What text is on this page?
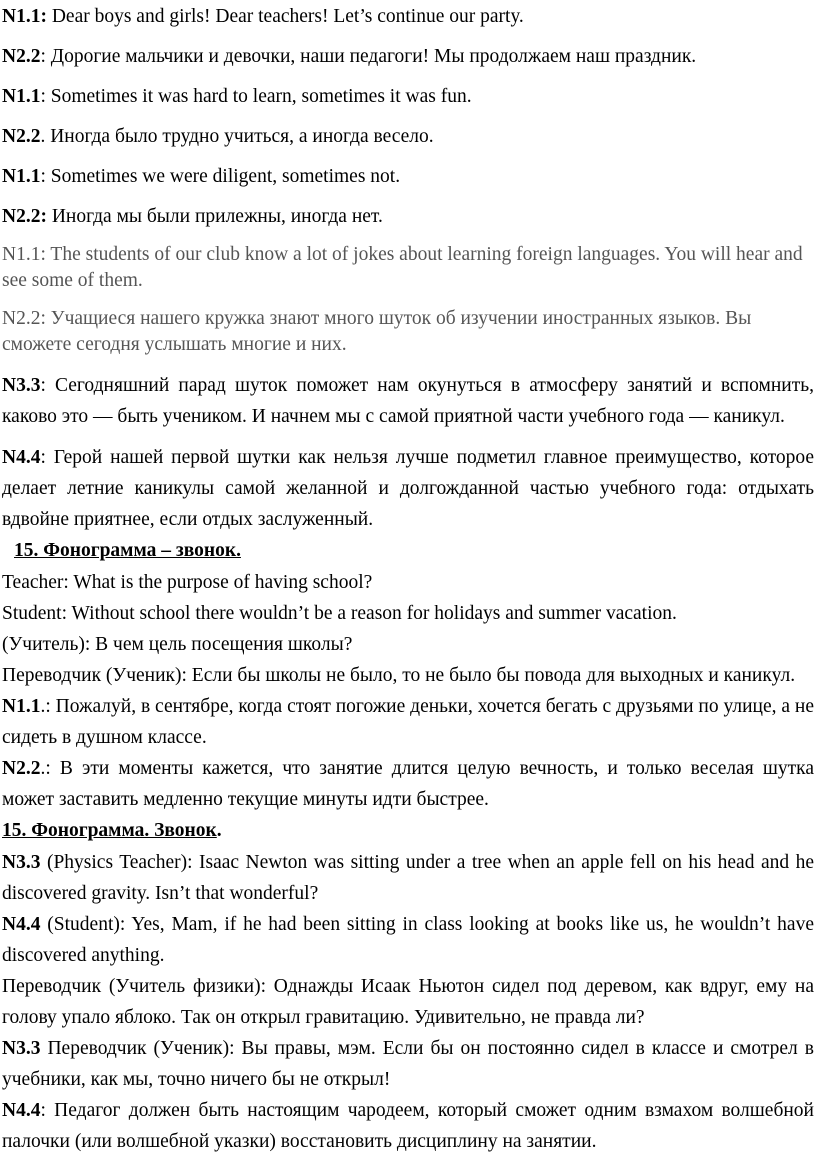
N1.1: Dear boys and girls! Dear teachers! Let’s continue our party.

N2.2: Дорогие мальчики и девочки, наши педагоги! Мы продолжаем наш праздник.

N1.1: Sometimes it was hard to learn, sometimes it was fun.

N2.2. Иногда было трудно учиться, а иногда весело.

N1.1: Sometimes we were diligent, sometimes not.

N2.2: Иногда мы были прилежны, иногда нет.

N1.1: The students of our club know a lot of jokes about learning foreign languages. You will hear and see some of them.

N2.2: Учащиеся нашего кружка знают много шуток об изучении иностранных языков. Вы сможете сегодня услышать многие и них.

N3.3: Сегодняшний парад шуток поможет нам окунуться в атмосферу занятий и вспомнить, каково это — быть учеником. И начнем мы с самой приятной части учебного года — каникул.

N4.4: Герой нашей первой шутки как нельзя лучше подметил главное преимущество, которое делает летние каникулы самой желанной и долгожданной частью учебного года: отдыхать вдвойне приятнее, если отдых заслуженный.

15. Фонограмма – звонок.

Teacher: What is the purpose of having school?

Student: Without school there wouldn’t be a reason for holidays and summer vacation.

(Учитель): В чем цель посещения школы?

Переводчик (Ученик): Если бы школы не было, то не было бы повода для выходных и каникул.

N1.1.: Пожалуй, в сентябре, когда стоят погожие деньки, хочется бегать с друзьями по улице, а не сидеть в душном классе.

N2.2.: В эти моменты кажется, что занятие длится целую вечность, и только веселая шутка может заставить медленно текущие минуты идти быстрее.

15. Фонограмма. Звонок.

N3.3 (Physics Teacher): Isaac Newton was sitting under a tree when an apple fell on his head and he discovered gravity. Isn’t that wonderful?

N4.4 (Student): Yes, Mam, if he had been sitting in class looking at books like us, he wouldn’t have discovered anything.

Переводчик (Учитель физики): Однажды Исаак Ньютон сидел под деревом, как вдруг, ему на голову упало яблоко. Так он открыл гравитацию. Удивительно, не правда ли?

N3.3 Переводчик (Ученик): Вы правы, мэм. Если бы он постоянно сидел в классе и смотрел в учебники, как мы, точно ничего бы не открыл!

N4.4: Педагог должен быть настоящим чародеем, который сможет одним взмахом волшебной палочки (или волшебной указки) восстановить дисциплину на занятии.
